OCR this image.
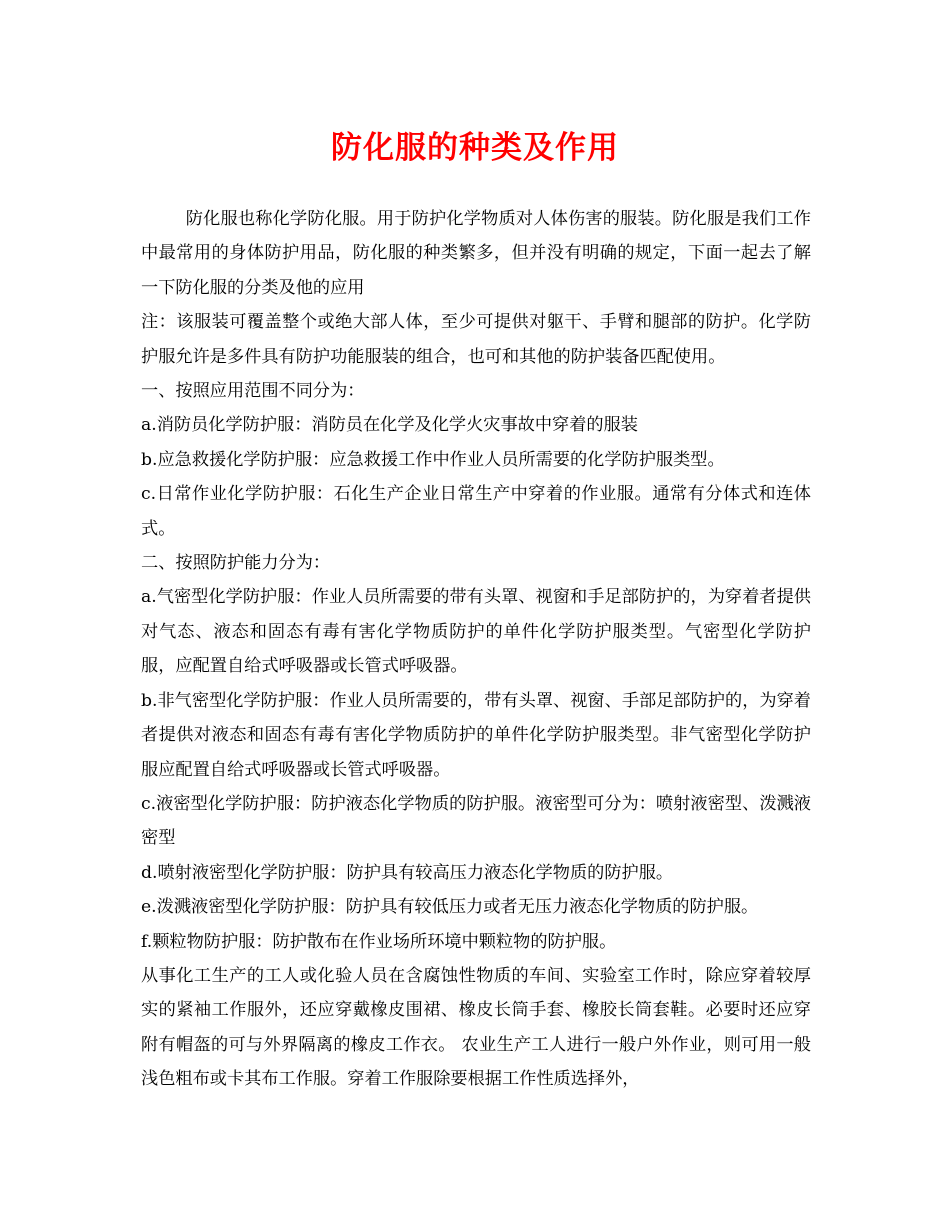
防化服的种类及作用

防化服也称化学防化服。用于防护化学物质对人体伤害的服装。防化服是我们工作中最常用的身体防护用品，防化服的种类繁多，但并没有明确的规定，下面一起去了解一下防化服的分类及他的应用

注：该服装可覆盖整个或绝大部人体，至少可提供对躯干、手臂和腿部的防护。化学防护服允许是多件具有防护功能服装的组合，也可和其他的防护装备匹配使用。

一、按照应用范围不同分为：

a.消防员化学防护服：消防员在化学及化学火灾事故中穿着的服装

b.应急救援化学防护服：应急救援工作中作业人员所需要的化学防护服类型。

c.日常作业化学防护服：石化生产企业日常生产中穿着的作业服。通常有分体式和连体式。

二、按照防护能力分为：

a.气密型化学防护服：作业人员所需要的带有头罩、视窗和手足部防护的，为穿着者提供对气态、液态和固态有毒有害化学物质防护的单件化学防护服类型。气密型化学防护服，应配置自给式呼吸器或长管式呼吸器。

b.非气密型化学防护服：作业人员所需要的，带有头罩、视窗、手部足部防护的，为穿着者提供对液态和固态有毒有害化学物质防护的单件化学防护服类型。非气密型化学防护服应配置自给式呼吸器或长管式呼吸器。

c.液密型化学防护服：防护液态化学物质的防护服。液密型可分为：喷射液密型、泼溅液密型

d.喷射液密型化学防护服：防护具有较高压力液态化学物质的防护服。

e.泼溅液密型化学防护服：防护具有较低压力或者无压力液态化学物质的防护服。

f.颗粒物防护服：防护散布在作业场所环境中颗粒物的防护服。

从事化工生产的工人或化验人员在含腐蚀性物质的车间、实验室工作时，除应穿着较厚实的紧袖工作服外，还应穿戴橡皮围裙、橡皮长筒手套、橡胶长筒套鞋。必要时还应穿附有帽盔的可与外界隔离的橡皮工作衣。 农业生产工人进行一般户外作业，则可用一般浅色粗布或卡其布工作服。穿着工作服除要根据工作性质选择外，
